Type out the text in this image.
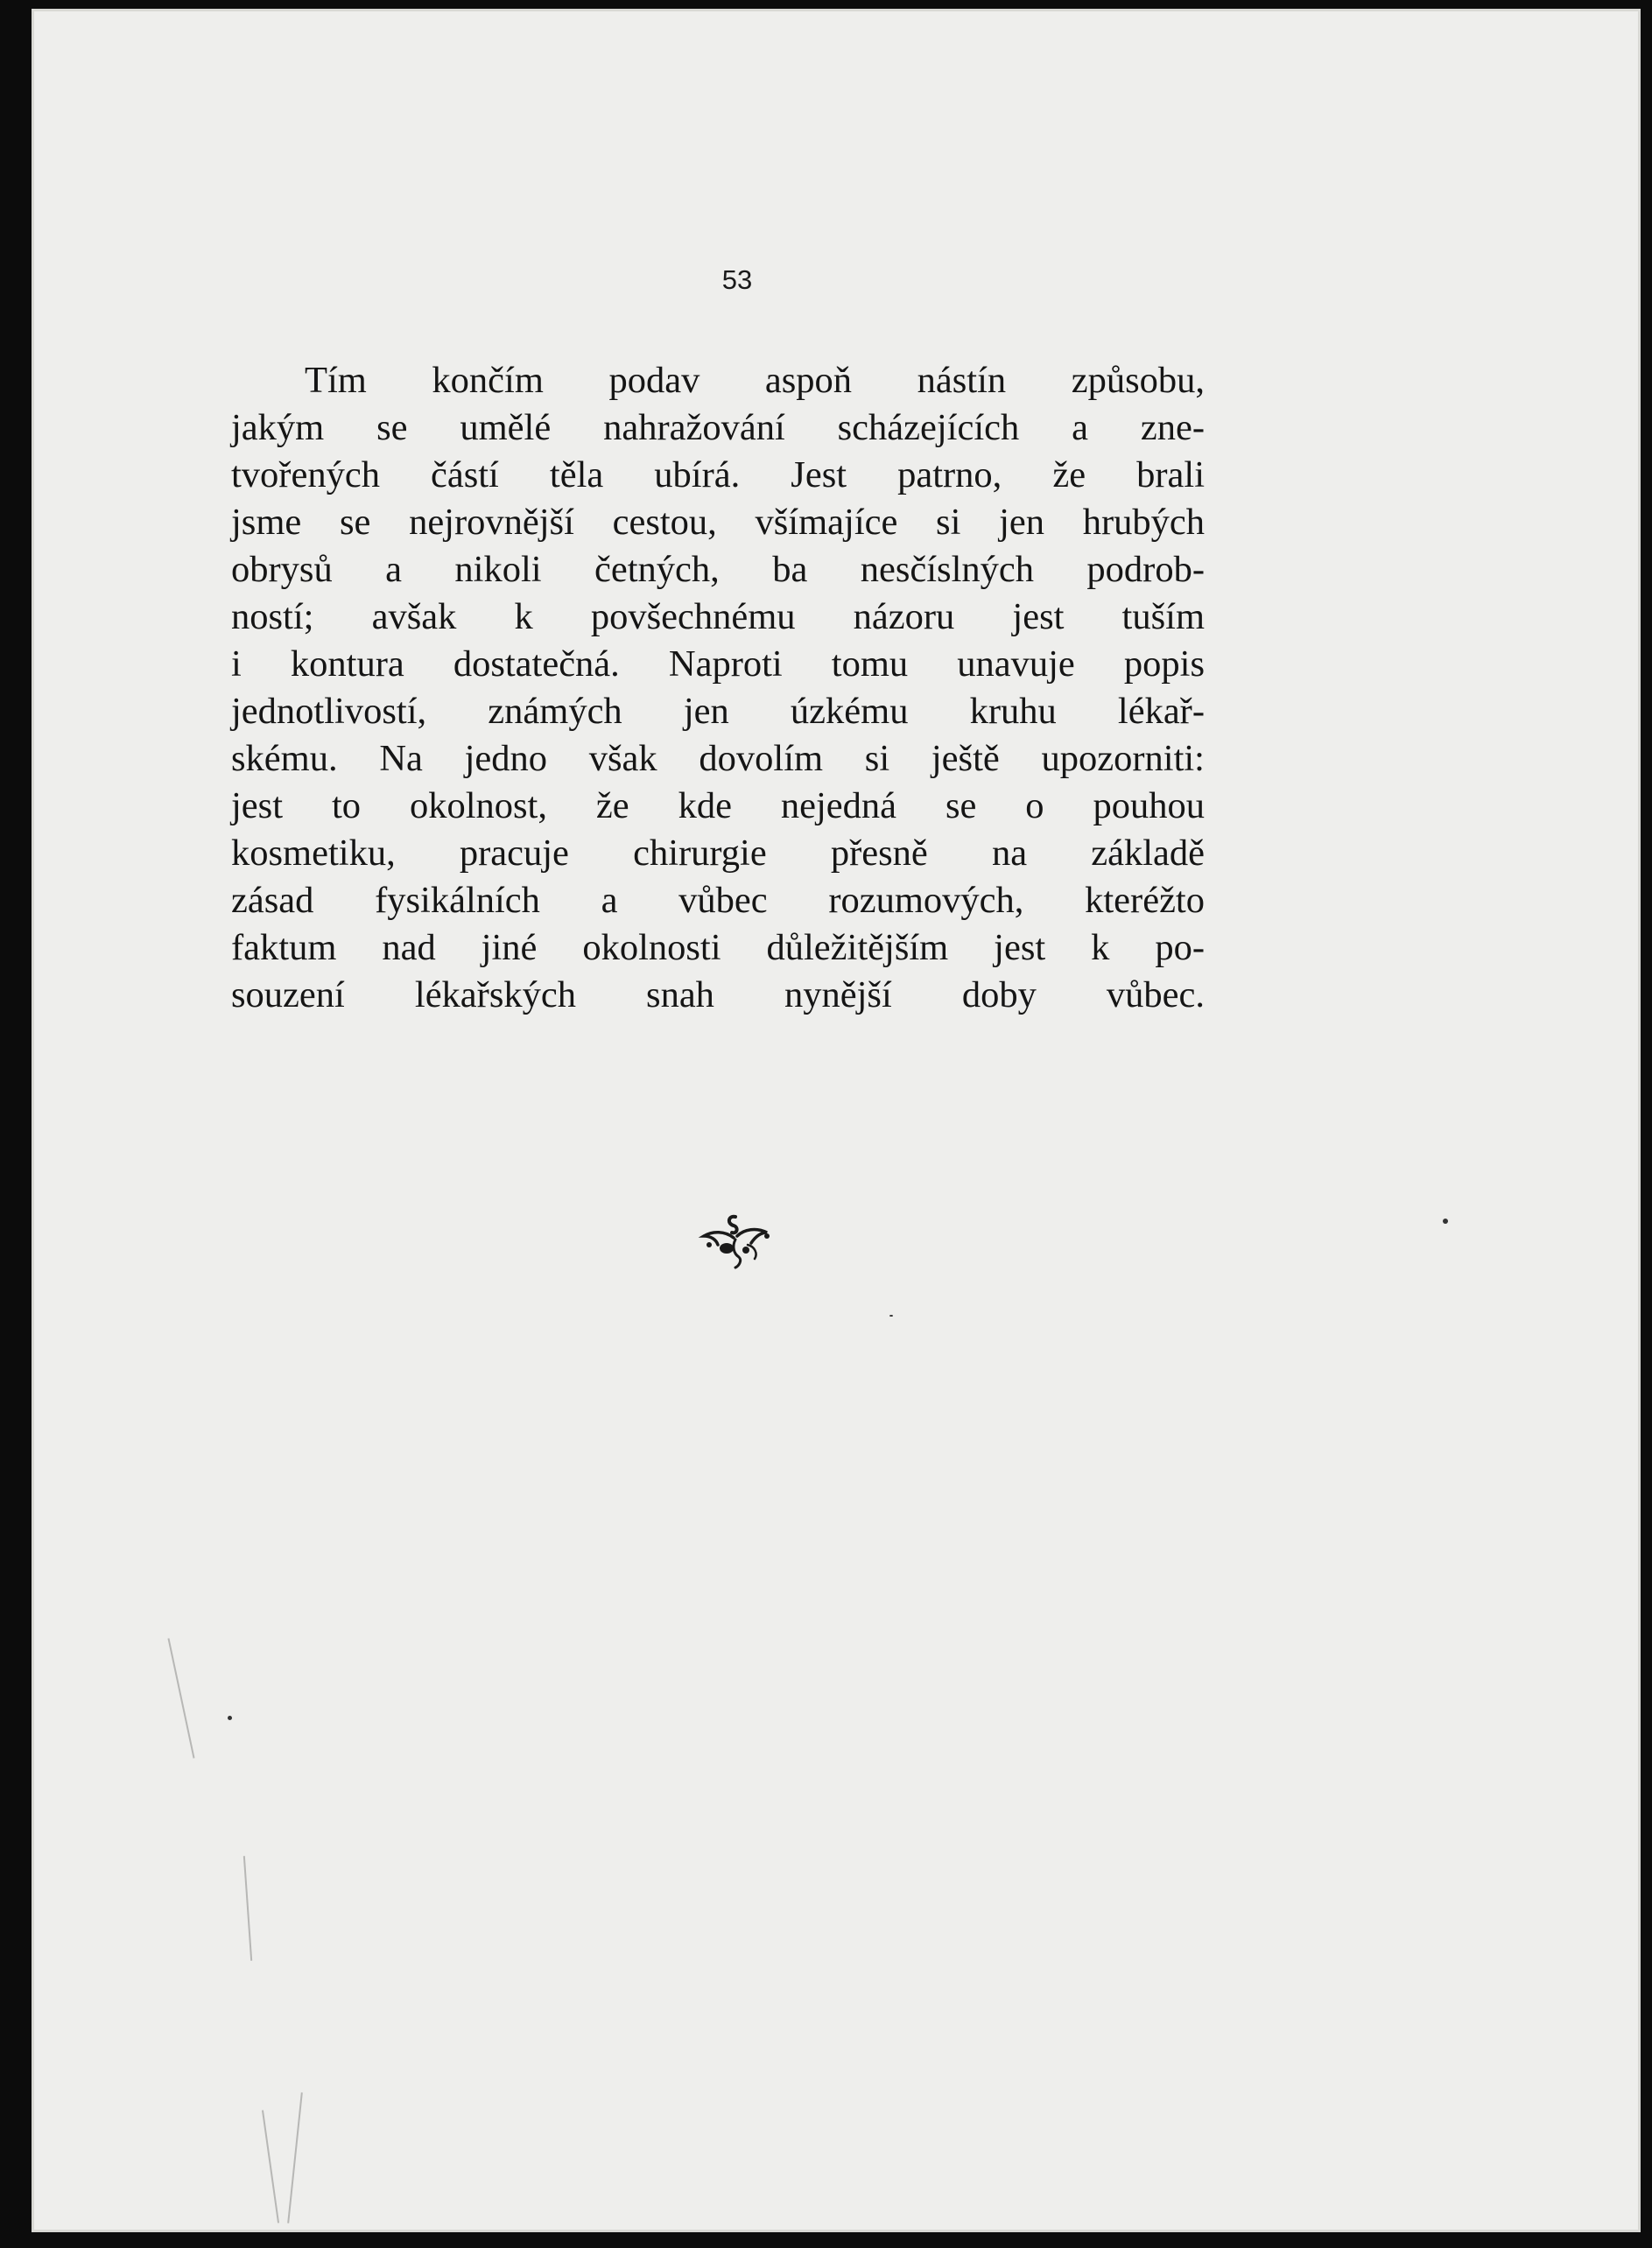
53
Tím končím podav aspoň nástín způsobu,
jakým se umělé nahražování scházejících a zne-
tvořených částí těla ubírá. Jest patrno, že brali
jsme se nejrovnější cestou, všímajíce si jen hrubých
obrysů a nikoli četných, ba nesčíslných podrob-
ností; avšak k povšechnému názoru jest tuším
i kontura dostatečná. Naproti tomu unavuje popis
jednotlivostí, známých jen úzkému kruhu lékař-
skému. Na jedno však dovolím si ještě upozorniti:
jest to okolnost, že kde nejedná se o pouhou
kosmetiku, pracuje chirurgie přesně na základě
zásad fysikálních a vůbec rozumových, kteréžto
faktum nad jiné okolnosti důležitějším jest k po-
souzení lékařských snah nynější doby vůbec.
